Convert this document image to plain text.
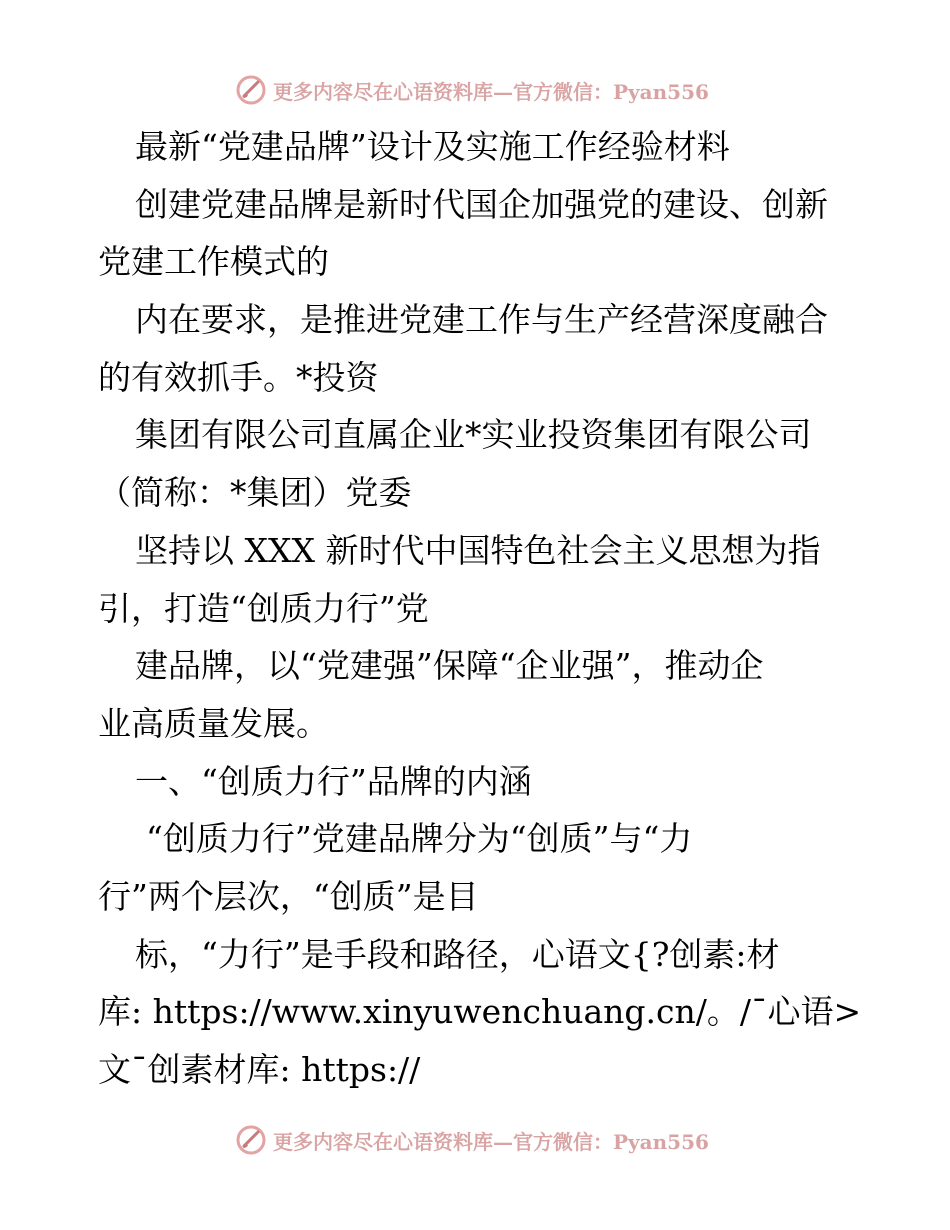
更多内容尽在心语资料库—官方微信：Pyan556
最新“党建品牌”设计及实施工作经验材料
创建党建品牌是新时代国企加强党的建设、创新
党建工作模式的
内在要求，是推进党建工作与生产经营深度融合
的有效抓手。*投资
集团有限公司直属企业*实业投资集团有限公司
（简称：*集团）党委
坚持以 XXX 新时代中国特色社会主义思想为指
引，打造“创质力行”党
建品牌，以“党建强”保障“企业强”，推动企
业高质量发展。
一、“创质力行”品牌的内涵
“创质力行”党建品牌分为“创质”与“力
行”两个层次，“创质”是目
标，“力行”是手段和路径，心语文{?创素:材
库: https://www.xinyuwenchuang.cn/。/¯心语>
文¯创素材库: https://
更多内容尽在心语资料库—官方微信：Pyan556
